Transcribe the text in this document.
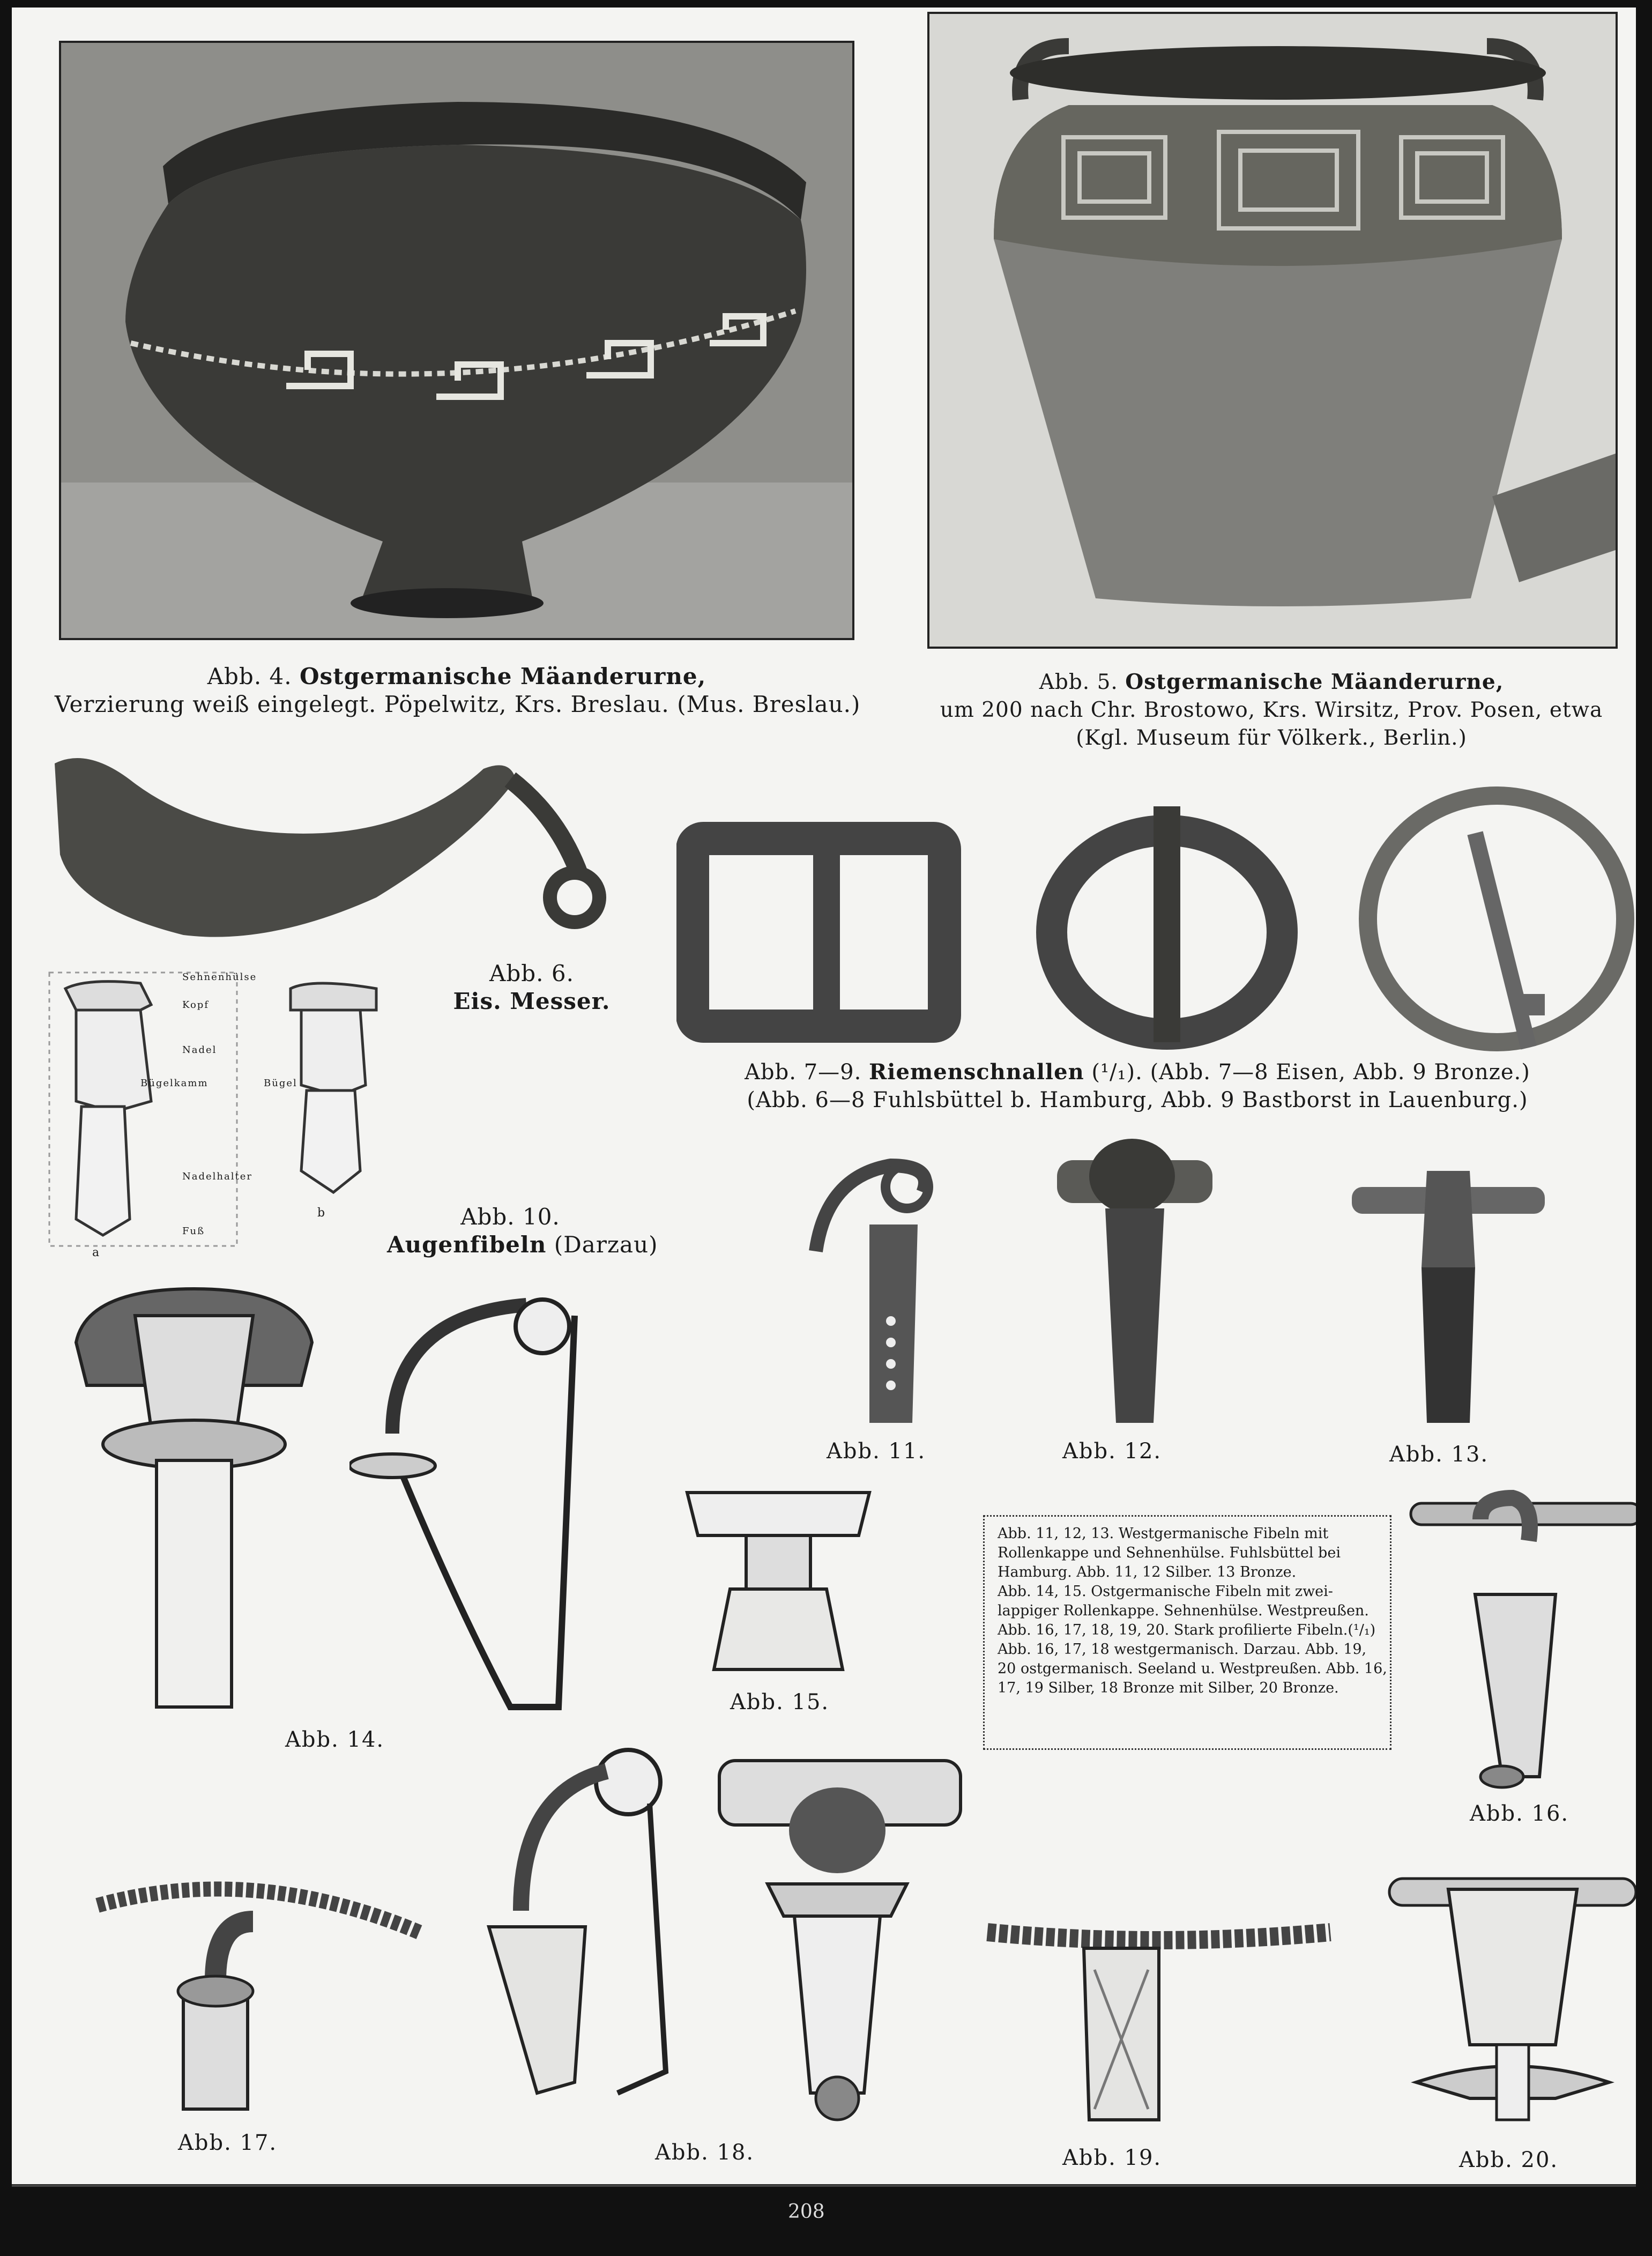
Abb. 4. Ostgermanische Mäanderurne,
Verzierung weiß eingelegt. Pöpelwitz, Krs. Breslau. (Mus. Breslau.)
Abb. 5. Ostgermanische Mäanderurne,
um 200 nach Chr. Brostowo, Krs. Wirsitz, Prov. Posen, etwa
(Kgl. Museum für Völkerk., Berlin.)
Abb. 6.
Eis. Messer.
Abb. 7—9. Riemenschnallen (¹/₁). (Abb. 7—8 Eisen, Abb. 9 Bronze.)
(Abb. 6—8 Fuhlsbüttel b. Hamburg, Abb. 9 Bastborst in Lauenburg.)
Sehnenhülse
Kopf
Nadel
Bügelkamm	Bügel
Nadelhalter
Fuß
a
b	Abb. 10.
Augenfibeln (Darzau)
Abb. 11.	Abb. 12.	Abb. 13.
Abb. 14.
Abb. 15.
Abb. 11, 12, 13. Westgermanische Fibeln mit
Rollenkappe und Sehnenhülse. Fuhlsbüttel bei
Hamburg. Abb. 11, 12 Silber. 13 Bronze.
Abb. 14, 15. Ostgermanische Fibeln mit zwei-
lappiger Rollenkappe. Sehnenhülse. Westpreußen.
Abb. 16, 17, 18, 19, 20. Stark profilierte Fibeln.(¹/₁)
Abb. 16, 17, 18 westgermanisch. Darzau. Abb. 19,
20 ostgermanisch. Seeland u. Westpreußen. Abb. 16,
17, 19 Silber, 18 Bronze mit Silber, 20 Bronze.
Abb. 16.
Abb. 17.	Abb. 18.	Abb. 19.	Abb. 20.
208
